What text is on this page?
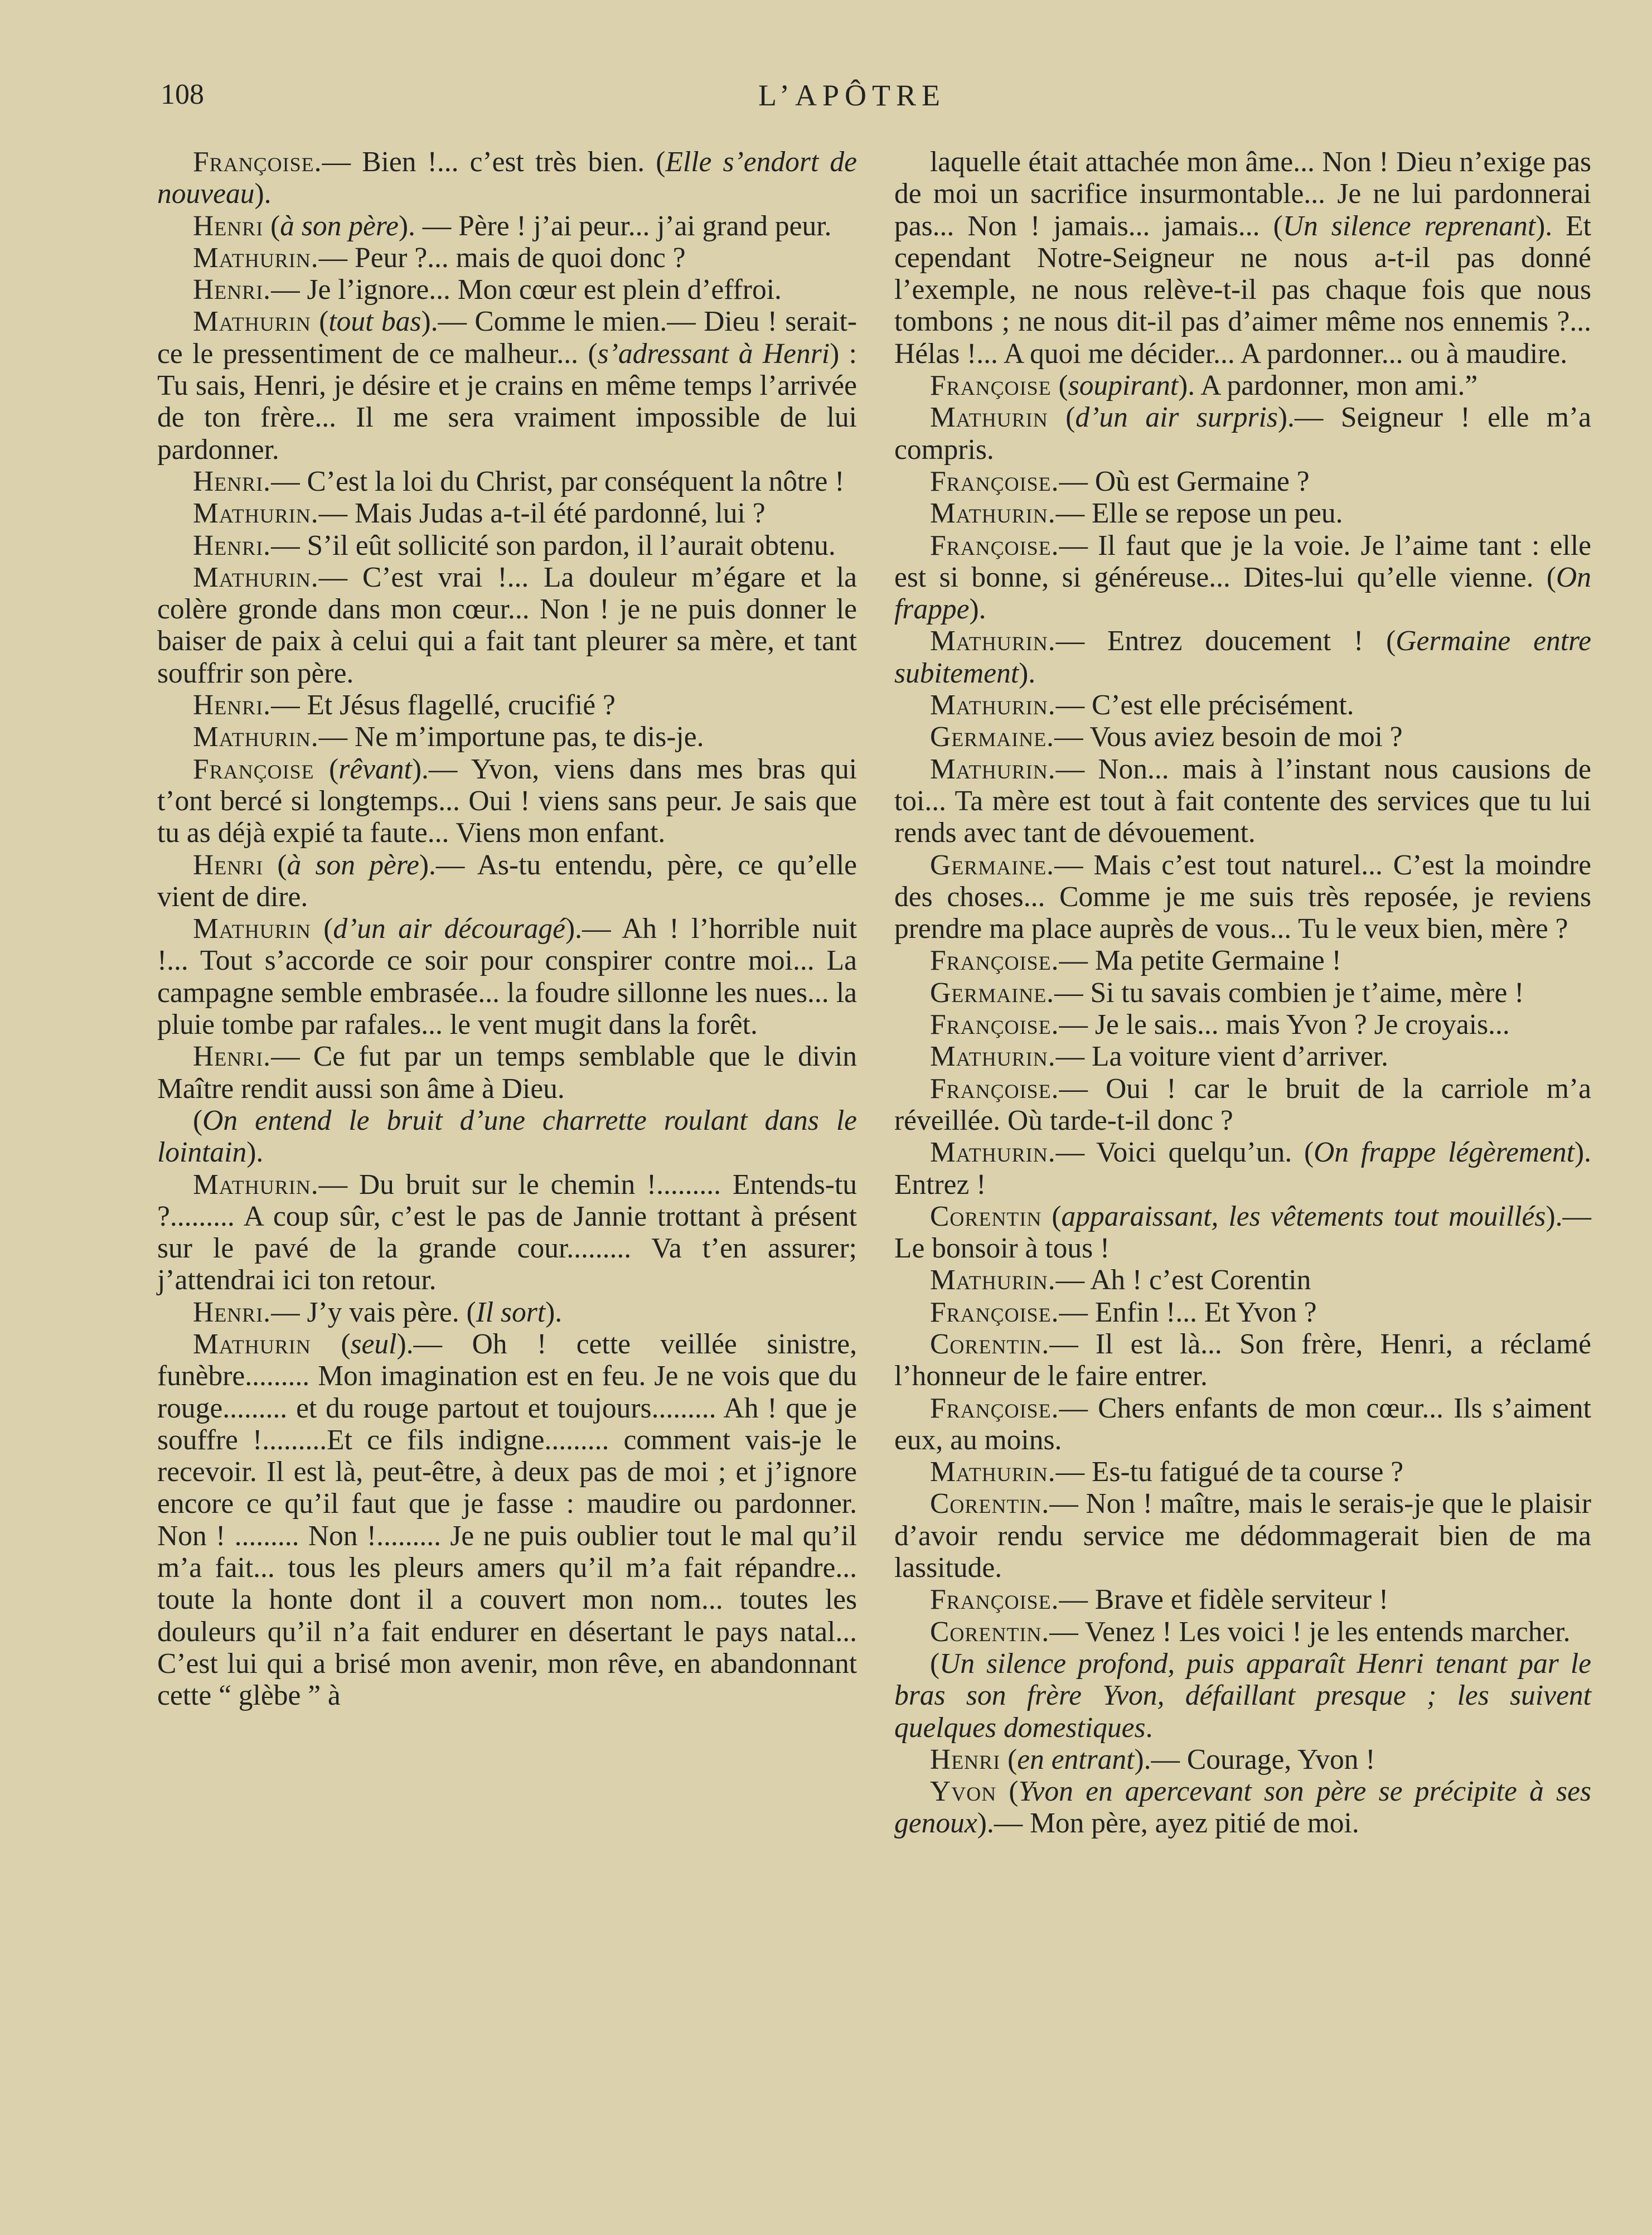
108	L’APÔTRE

Françoise.— Bien !... c’est très bien. (Elle s’endort de nouveau).

Henri (à son père). — Père ! j’ai peur... j’ai grand peur.

Mathurin.— Peur ?... mais de quoi donc ?

Henri.— Je l’ignore... Mon cœur est plein d’effroi.

Mathurin (tout bas).— Comme le mien.— Dieu ! serait-ce le pressentiment de ce malheur... (s’adressant à Henri) : Tu sais, Henri, je désire et je crains en même temps l’arrivée de ton frère... Il me sera vraiment impossible de lui pardonner.

Henri.— C’est la loi du Christ, par conséquent la nôtre !

Mathurin.— Mais Judas a-t-il été pardonné, lui ?

Henri.— S’il eût sollicité son pardon, il l’aurait obtenu.

Mathurin.— C’est vrai !... La douleur m’égare et la colère gronde dans mon cœur... Non ! je ne puis donner le baiser de paix à celui qui a fait tant pleurer sa mère, et tant souffrir son père.

Henri.— Et Jésus flagellé, crucifié ?

Mathurin.— Ne m’importune pas, te dis-je.

Françoise (rêvant).— Yvon, viens dans mes bras qui t’ont bercé si longtemps... Oui ! viens sans peur. Je sais que tu as déjà expié ta faute... Viens mon enfant.

Henri (à son père).— As-tu entendu, père, ce qu’elle vient de dire.

Mathurin (d’un air découragé).— Ah ! l’horrible nuit !... Tout s’accorde ce soir pour conspirer contre moi... La campagne semble embrasée... la foudre sillonne les nues... la pluie tombe par rafales... le vent mugit dans la forêt.

Henri.— Ce fut par un temps semblable que le divin Maître rendit aussi son âme à Dieu.

(On entend le bruit d’une charrette roulant dans le lointain).

Mathurin.— Du bruit sur le chemin !......... Entends-tu ?......... A coup sûr, c’est le pas de Jannie trottant à présent sur le pavé de la grande cour......... Va t’en assurer; j’attendrai ici ton retour.

Henri.— J’y vais père. (Il sort).

Mathurin (seul).— Oh ! cette veillée sinistre, funèbre......... Mon imagination est en feu. Je ne vois que du rouge......... et du rouge partout et toujours......... Ah ! que je souffre !.........Et ce fils indigne......... comment vais-je le recevoir. Il est là, peut-être, à deux pas de moi ; et j’ignore encore ce qu’il faut que je fasse : maudire ou pardonner. Non ! ......... Non !......... Je ne puis oublier tout le mal qu’il m’a fait... tous les pleurs amers qu’il m’a fait répandre... toute la honte dont il a couvert mon nom... toutes les douleurs qu’il n’a fait endurer en désertant le pays natal... C’est lui qui a brisé mon avenir, mon rêve, en abandonnant cette “ glèbe ” à

laquelle était attachée mon âme... Non ! Dieu n’exige pas de moi un sacrifice insurmontable... Je ne lui pardonnerai pas... Non ! jamais... jamais... (Un silence reprenant). Et cependant Notre-Seigneur ne nous a-t-il pas donné l’exemple, ne nous relève-t-il pas chaque fois que nous tombons ; ne nous dit-il pas d’aimer même nos ennemis ?... Hélas !... A quoi me décider... A pardonner... ou à maudire.

Françoise (soupirant). A pardonner, mon ami.”

Mathurin (d’un air surpris).— Seigneur ! elle m’a compris.

Françoise.— Où est Germaine ?

Mathurin.— Elle se repose un peu.

Françoise.— Il faut que je la voie. Je l’aime tant : elle est si bonne, si généreuse... Dites-lui qu’elle vienne. (On frappe).

Mathurin.— Entrez doucement ! (Germaine entre subitement).

Mathurin.— C’est elle précisément.

Germaine.— Vous aviez besoin de moi ?

Mathurin.— Non... mais à l’instant nous causions de toi... Ta mère est tout à fait contente des services que tu lui rends avec tant de dévouement.

Germaine.— Mais c’est tout naturel... C’est la moindre des choses... Comme je me suis très reposée, je reviens prendre ma place auprès de vous... Tu le veux bien, mère ?

Françoise.— Ma petite Germaine !

Germaine.— Si tu savais combien je t’aime, mère !

Françoise.— Je le sais... mais Yvon ? Je croyais...

Mathurin.— La voiture vient d’arriver.

Françoise.— Oui ! car le bruit de la carriole m’a réveillée. Où tarde-t-il donc ?

Mathurin.— Voici quelqu’un. (On frappe légèrement). Entrez !

Corentin (apparaissant, les vêtements tout mouillés).— Le bonsoir à tous !

Mathurin.— Ah ! c’est Corentin

Françoise.— Enfin !... Et Yvon ?

Corentin.— Il est là... Son frère, Henri, a réclamé l’honneur de le faire entrer.

Françoise.— Chers enfants de mon cœur... Ils s’aiment eux, au moins.

Mathurin.— Es-tu fatigué de ta course ?

Corentin.— Non ! maître, mais le serais-je que le plaisir d’avoir rendu service me dédommagerait bien de ma lassitude.

Françoise.— Brave et fidèle serviteur !

Corentin.— Venez ! Les voici ! je les entends marcher.

(Un silence profond, puis apparaît Henri tenant par le bras son frère Yvon, défaillant presque ; les suivent quelques domestiques.

Henri (en entrant).— Courage, Yvon !

Yvon (Yvon en apercevant son père se précipite à ses genoux).— Mon père, ayez pitié de moi.
